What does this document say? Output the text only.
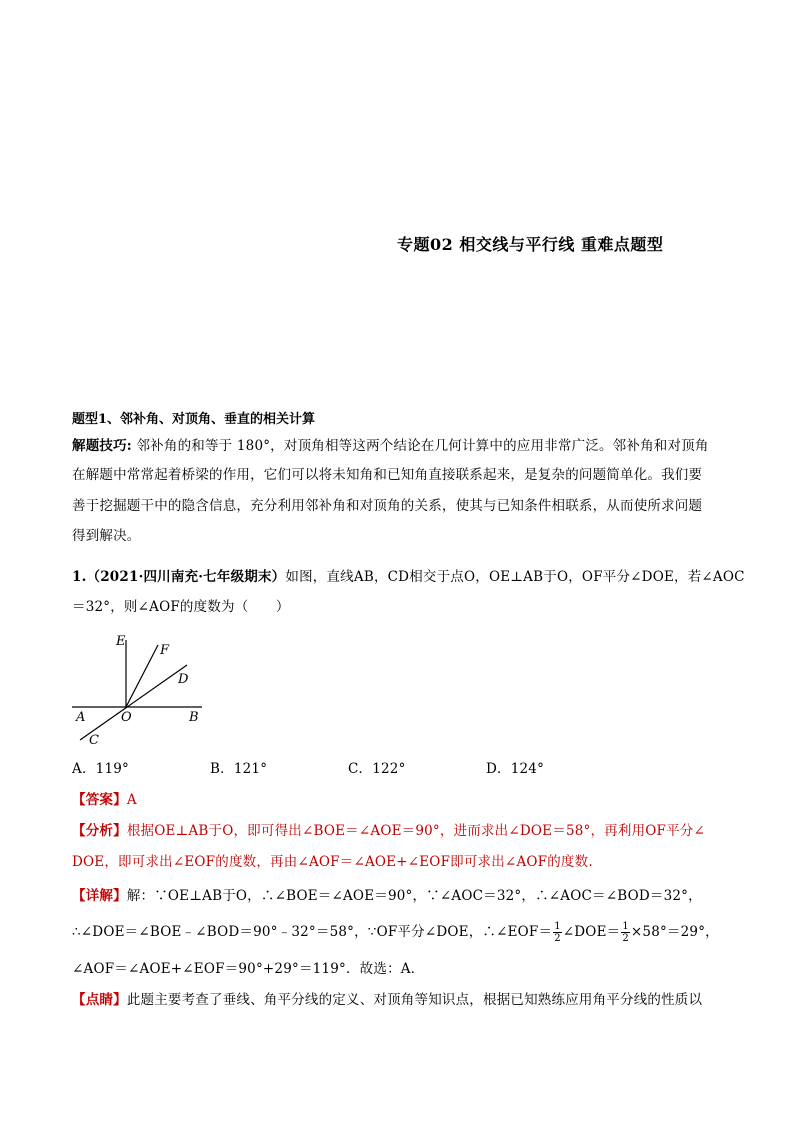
专题02 相交线与平行线 重难点题型
题型1、邻补角、对顶角、垂直的相关计算
解题技巧: 邻补角的和等于 180°，对顶角相等这两个结论在几何计算中的应用非常广泛。邻补角和对顶角
在解题中常常起着桥梁的作用，它们可以将未知角和已知角直接联系起来，是复杂的问题简单化。我们要
善于挖掘题干中的隐含信息，充分利用邻补角和对顶角的关系，使其与已知条件相联系，从而使所求问题
得到解决。
1.（2021·四川南充·七年级期末）如图，直线AB，CD相交于点O，OE⊥AB于O，OF平分∠DOE，若∠AOC
＝32°，则∠AOF的度数为（　　）
E
F
D
A	O	B
C
A．119°	B．121°	C．122°	D．124°
【答案】A
【分析】根据OE⊥AB于O，即可得出∠BOE＝∠AOE＝90°，进而求出∠DOE＝58°，再利用OF平分∠
DOE，即可求出∠EOF的度数，再由∠AOF＝∠AOE+∠EOF即可求出∠AOF的度数.
【详解】解：∵OE⊥AB于O，∴∠BOE＝∠AOE＝90°，∵∠AOC＝32°，∴∠AOC＝∠BOD＝32°，
∴∠DOE＝∠BOE﹣∠BOD＝90°﹣32°＝58°，∵OF平分∠DOE，∴∠EOF＝ $\frac{1}{2}$ ∠DOE＝ $\frac{1}{2} \times 58^\circ=29^\circ$，
∠AOF＝∠AOE+∠EOF＝90°+29°＝119°．故选：A．
【点睛】此题主要考查了垂线、角平分线的定义、对顶角等知识点，根据已知熟练应用角平分线的性质以
